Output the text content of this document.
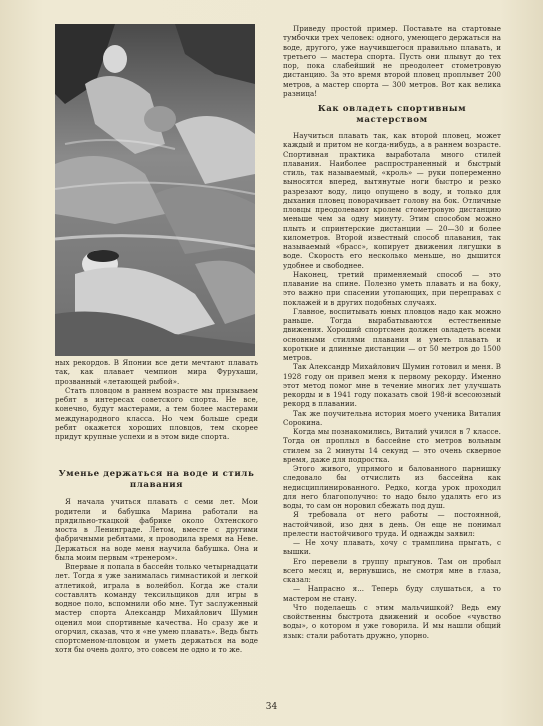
ных рекордов. В Японии все дети мечтают плавать так, как плавает чемпион мира Фурухаши, прозванный «летающей рыбой».

Стать пловцом в раннем возрасте мы призываем ребят в интересах советского спорта. Не все, конечно, будут мастерами, а тем более мастерами международного класса. Но чем больше среди ребят окажется хороших пловцов, тем скорее придут крупные успехи и в этом виде спорта.

Уменье держаться на воде и стиль плавания

Я начала учиться плавать с семи лет. Мои родители и бабушка Марина работали на прядильно-ткацкой фабрике около Охтенского моста в Ленинграде. Летом, вместе с другими фабричными ребятами, я проводила время на Неве. Держаться на воде меня научила бабушка. Она и была моим первым «тренером».

Впервые я попала в бассейн только четырнадцати лет. Тогда я уже занималась гимнастикой и легкой атлетикой, играла в волейбол. Когда же стали составлять команду тексильщиков для игры в водное поло, вспомнили обо мне. Тут заслуженный мастер спорта Александр Михайлович Шумин оценил мои спортивные качества. Но сразу же и огорчил, сказав, что я «не умею плавать». Ведь быть спортсменом-пловцом и уметь держаться на воде хотя бы очень долго, это совсем не одно и то же.

Приведу простой пример. Поставьте на стартовые тумбочки трех человек: одного, умеющего держаться на воде, другого, уже научившегося правильно плавать, и третьего — мастера спорта. Пусть они плывут до тех пор, пока слабейший не преодолеет стометровую дистанцию. За это время второй пловец проплывет 200 метров, а мастер спорта — 300 метров. Вот как велика разница!

Как овладеть спортивным мастерством

Научиться плавать так, как второй пловец, может каждый и притом не когда-нибудь, а в раннем возрасте. Спортивная практика выработала много стилей плавания. Наиболее распространенный и быстрый стиль, так называемый, «кроль» — руки попеременно выносятся вперед, вытянутые ноги быстро и резко разрезают воду, лицо опущено в воду, и только для дыхания пловец поворачивает голову на бок. Отличные пловцы преодолевают кролем стометровую дистанцию меньше чем за одну минуту. Этим способом можно плыть и спринтерские дистанции — 20—30 и более километров. Второй известный способ плавания, так называемый «брасс», копирует движения лягушки в воде. Скорость его несколько меньше, но дышится удобнее и свободнее.

Наконец, третий применяемый способ — это плавание на спине. Полезно уметь плавать и на боку, это важно при спасении утопающих, при переправах с поклажей и в других подобных случаях.

Главное, воспитывать юных пловцов надо как можно раньше. Тогда вырабатываются естественные движения. Хороший спортсмен должен овладеть всеми основными стилями плавания и уметь плавать и короткие и длинные дистанции — от 50 метров до 1500 метров.

Так Александр Михайлович Шумин готовил и меня. В 1928 году он привел меня к первому рекорду. Именно этот метод помог мне в течение многих лет улучшать рекорды и в 1941 году показать свой 198-й всесоюзный рекорд в плавании.

Так же поучительна история моего ученика Виталия Сорокина.

Когда мы познакомились, Виталий учился в 7 классе. Тогда он проплыл в бассейне сто метров вольным стилем за 2 минуты 14 секунд — это очень скверное время, даже для подростка.

Этого живого, упрямого и балованного парнишку следовало бы отчислить из бассейна как недисциплинированного. Редко, когда урок проходил для него благополучно: то надо было удалять его из воды, то сам он норовил сбежать под душ.

Я требовала от него работы — постоянной, настойчивой, изо дня в день. Он еще не понимал прелести настойчивого труда. И однажды заявил:

— Не хочу плавать, хочу с трамплина прыгать, с вышки.

Его перевели в группу прыгунов. Там он пробыл всего месяц и, вернувшись, не смотря мне в глаза, сказал:

— Напрасно я... Теперь буду слушаться, а то мастером не стану.

Что поделаешь с этим мальчишкой? Ведь ему свойственны быстрота движений и особое «чувство воды», о котором я уже говорила. И мы нашли общий язык: стали работать дружно, упорно.

34
